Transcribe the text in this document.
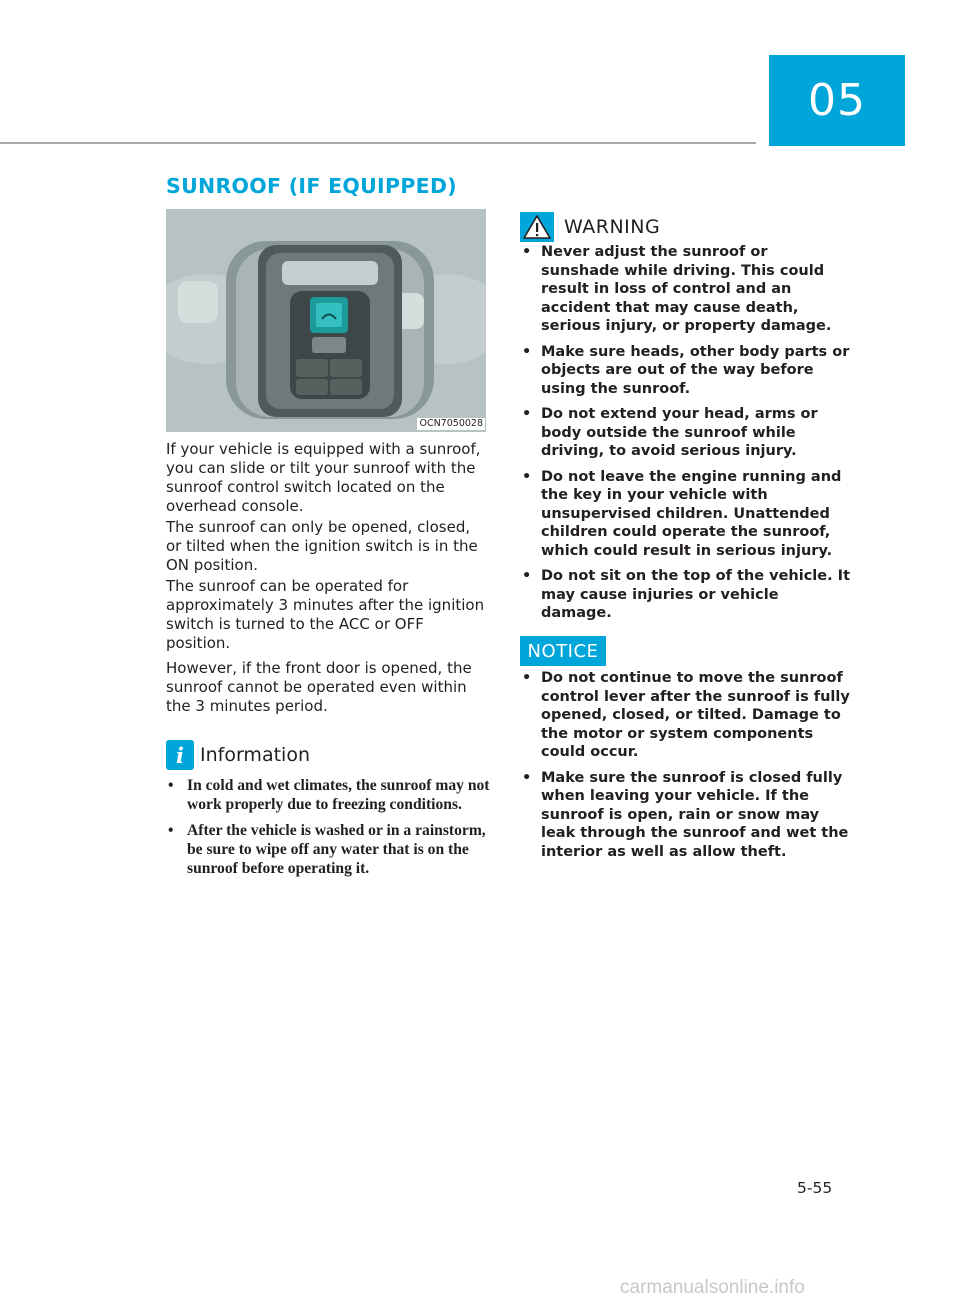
05
SUNROOF (IF EQUIPPED)
OCN7050028

If your vehicle is equipped with a sunroof, you can slide or tilt your sunroof with the sunroof control switch located on the overhead console.

The sunroof can only be opened, closed, or tilted when the ignition switch is in the ON position.

The sunroof can be operated for approximately 3 minutes after the ignition switch is turned to the ACC or OFF position.

However, if the front door is opened, the sunroof cannot be operated even within the 3 minutes period.

i Information
• In cold and wet climates, the sunroof may not work properly due to freezing conditions.
• After the vehicle is washed or in a rainstorm, be sure to wipe off any water that is on the sunroof before operating it.
WARNING
• Never adjust the sunroof or sunshade while driving. This could result in loss of control and an accident that may cause death, serious injury, or property damage.
• Make sure heads, other body parts or objects are out of the way before using the sunroof.
• Do not extend your head, arms or body outside the sunroof while driving, to avoid serious injury.
• Do not leave the engine running and the key in your vehicle with unsupervised children. Unattended children could operate the sunroof, which could result in serious injury.
• Do not sit on the top of the vehicle. It may cause injuries or vehicle damage.
NOTICE
• Do not continue to move the sunroof control lever after the sunroof is fully opened, closed, or tilted. Damage to the motor or system components could occur.
• Make sure the sunroof is closed fully when leaving your vehicle. If the sunroof is open, rain or snow may leak through the sunroof and wet the interior as well as allow theft.
5-55
carmanualsonline.info
